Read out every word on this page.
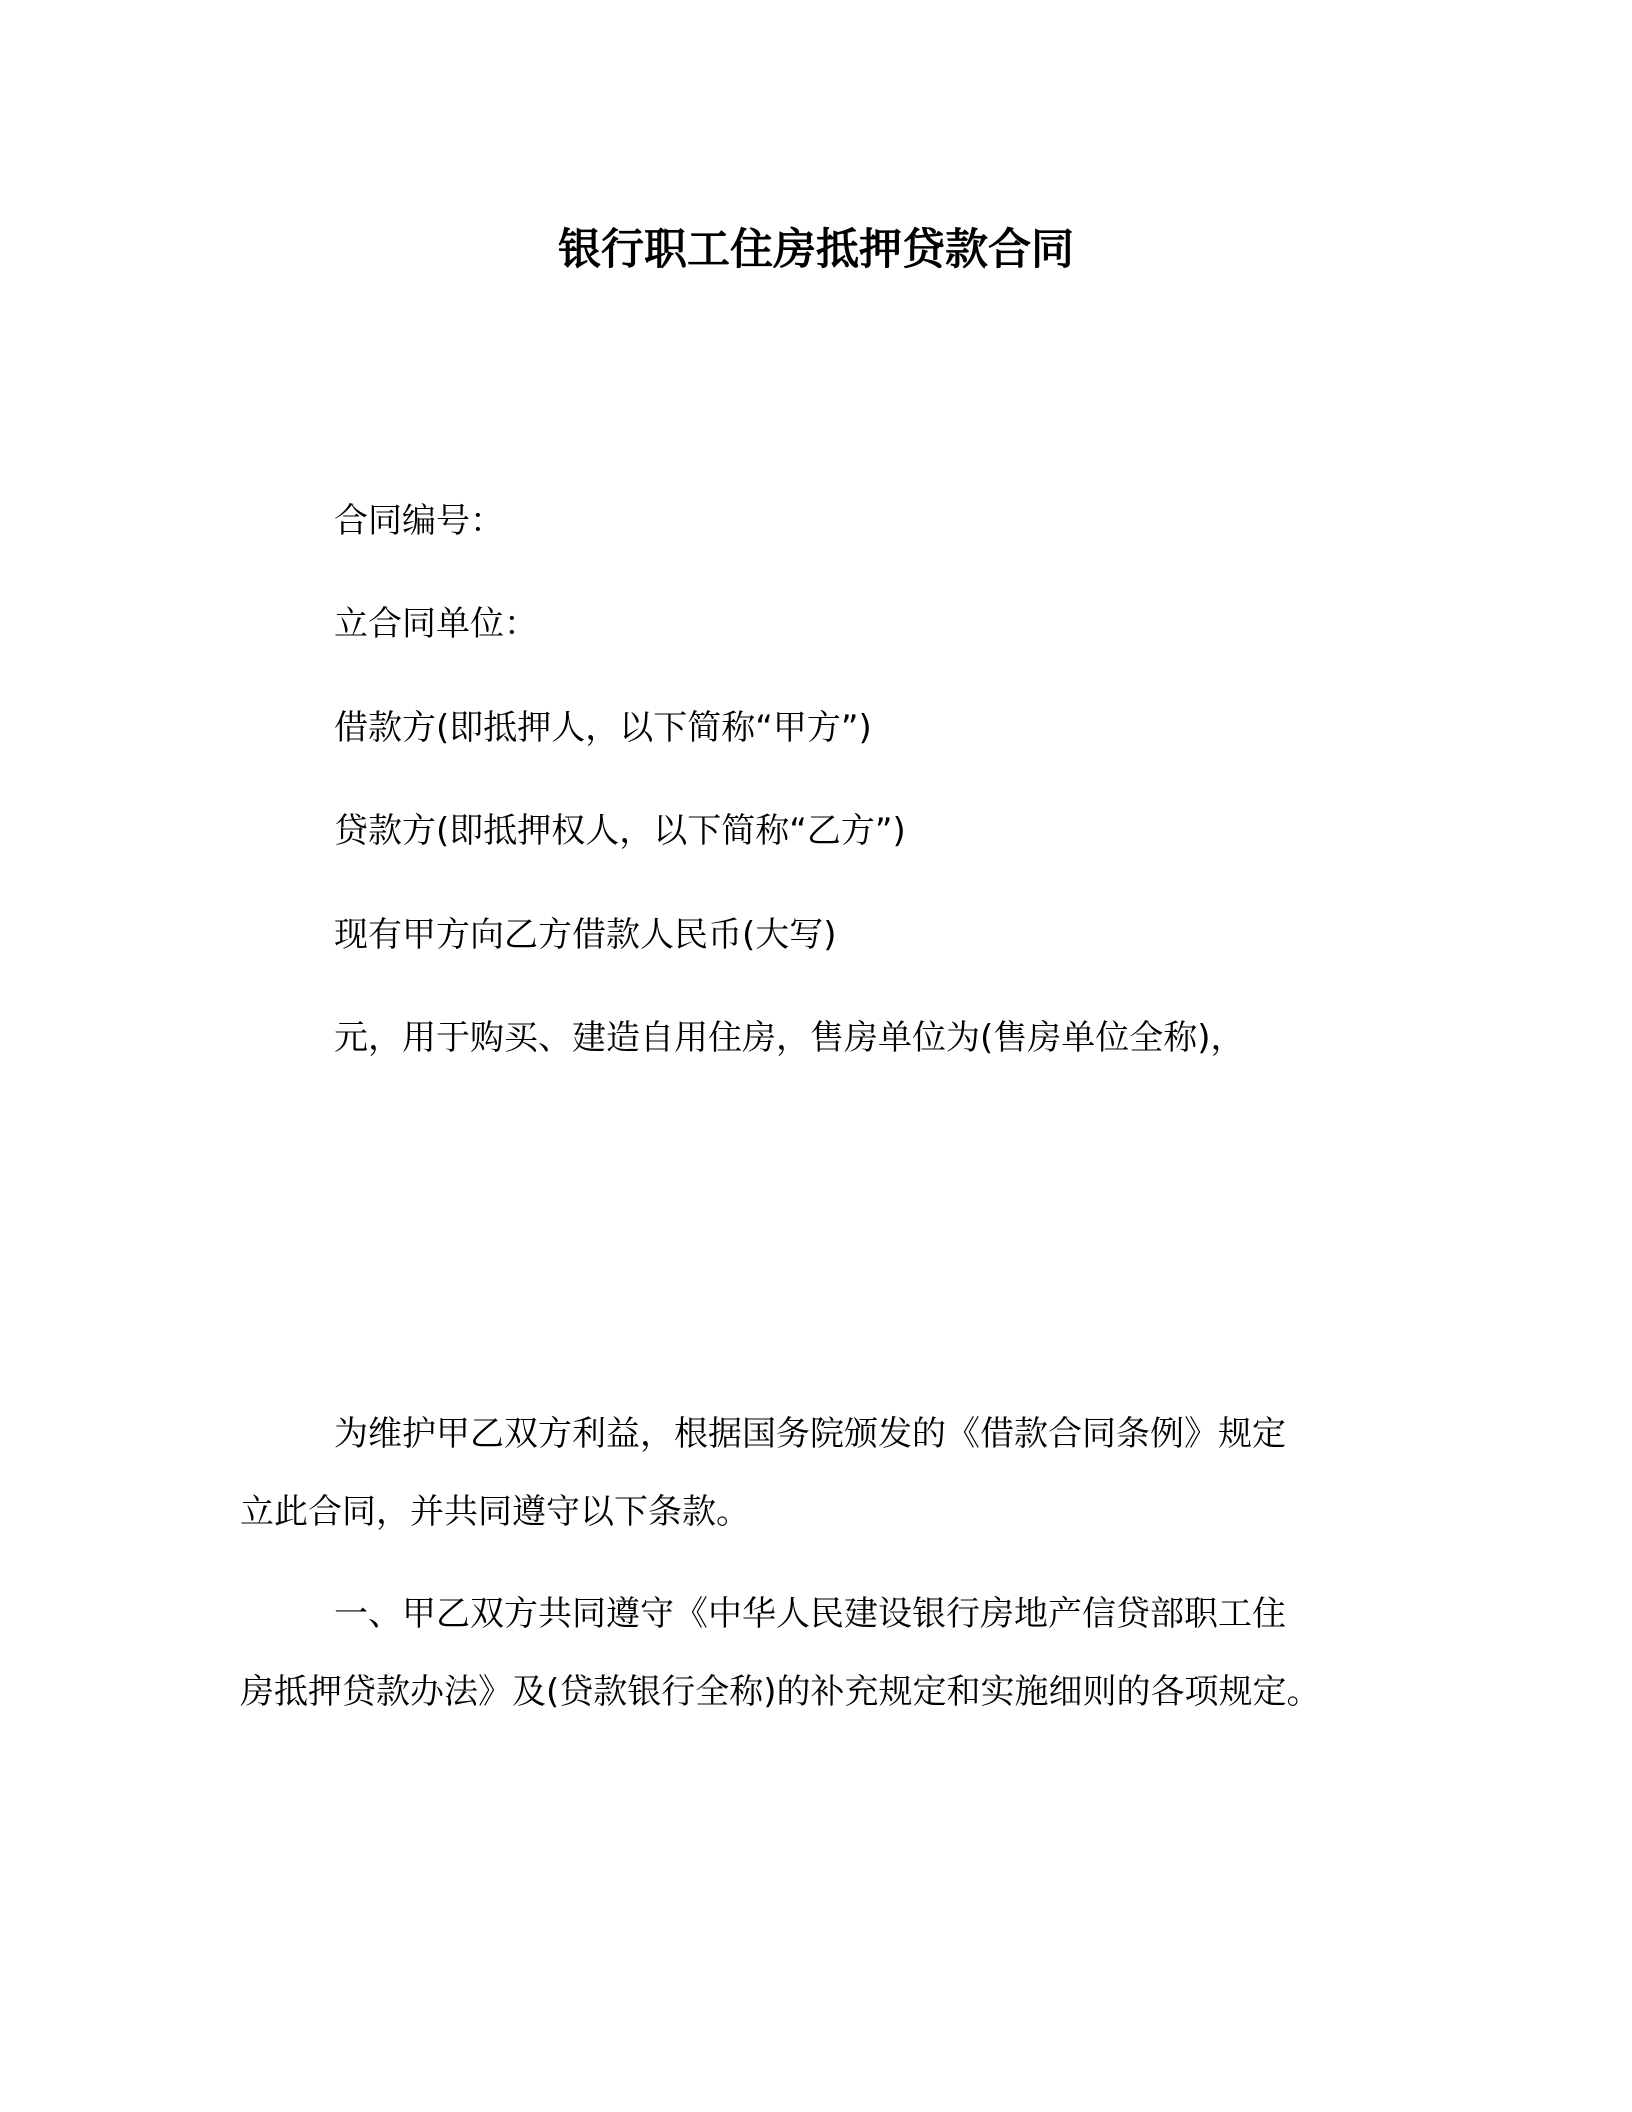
银行职工住房抵押贷款合同
合同编号：
立合同单位：
借款方(即抵押人，以下简称“甲方”)
贷款方(即抵押权人，以下简称“乙方”)
现有甲方向乙方借款人民币(大写)
元，用于购买、建造自用住房，售房单位为(售房单位全称)，
为维护甲乙双方利益，根据国务院颁发的《借款合同条例》规定
立此合同，并共同遵守以下条款。
一、甲乙双方共同遵守《中华人民建设银行房地产信贷部职工住
房抵押贷款办法》及(贷款银行全称)的补充规定和实施细则的各项规定。
